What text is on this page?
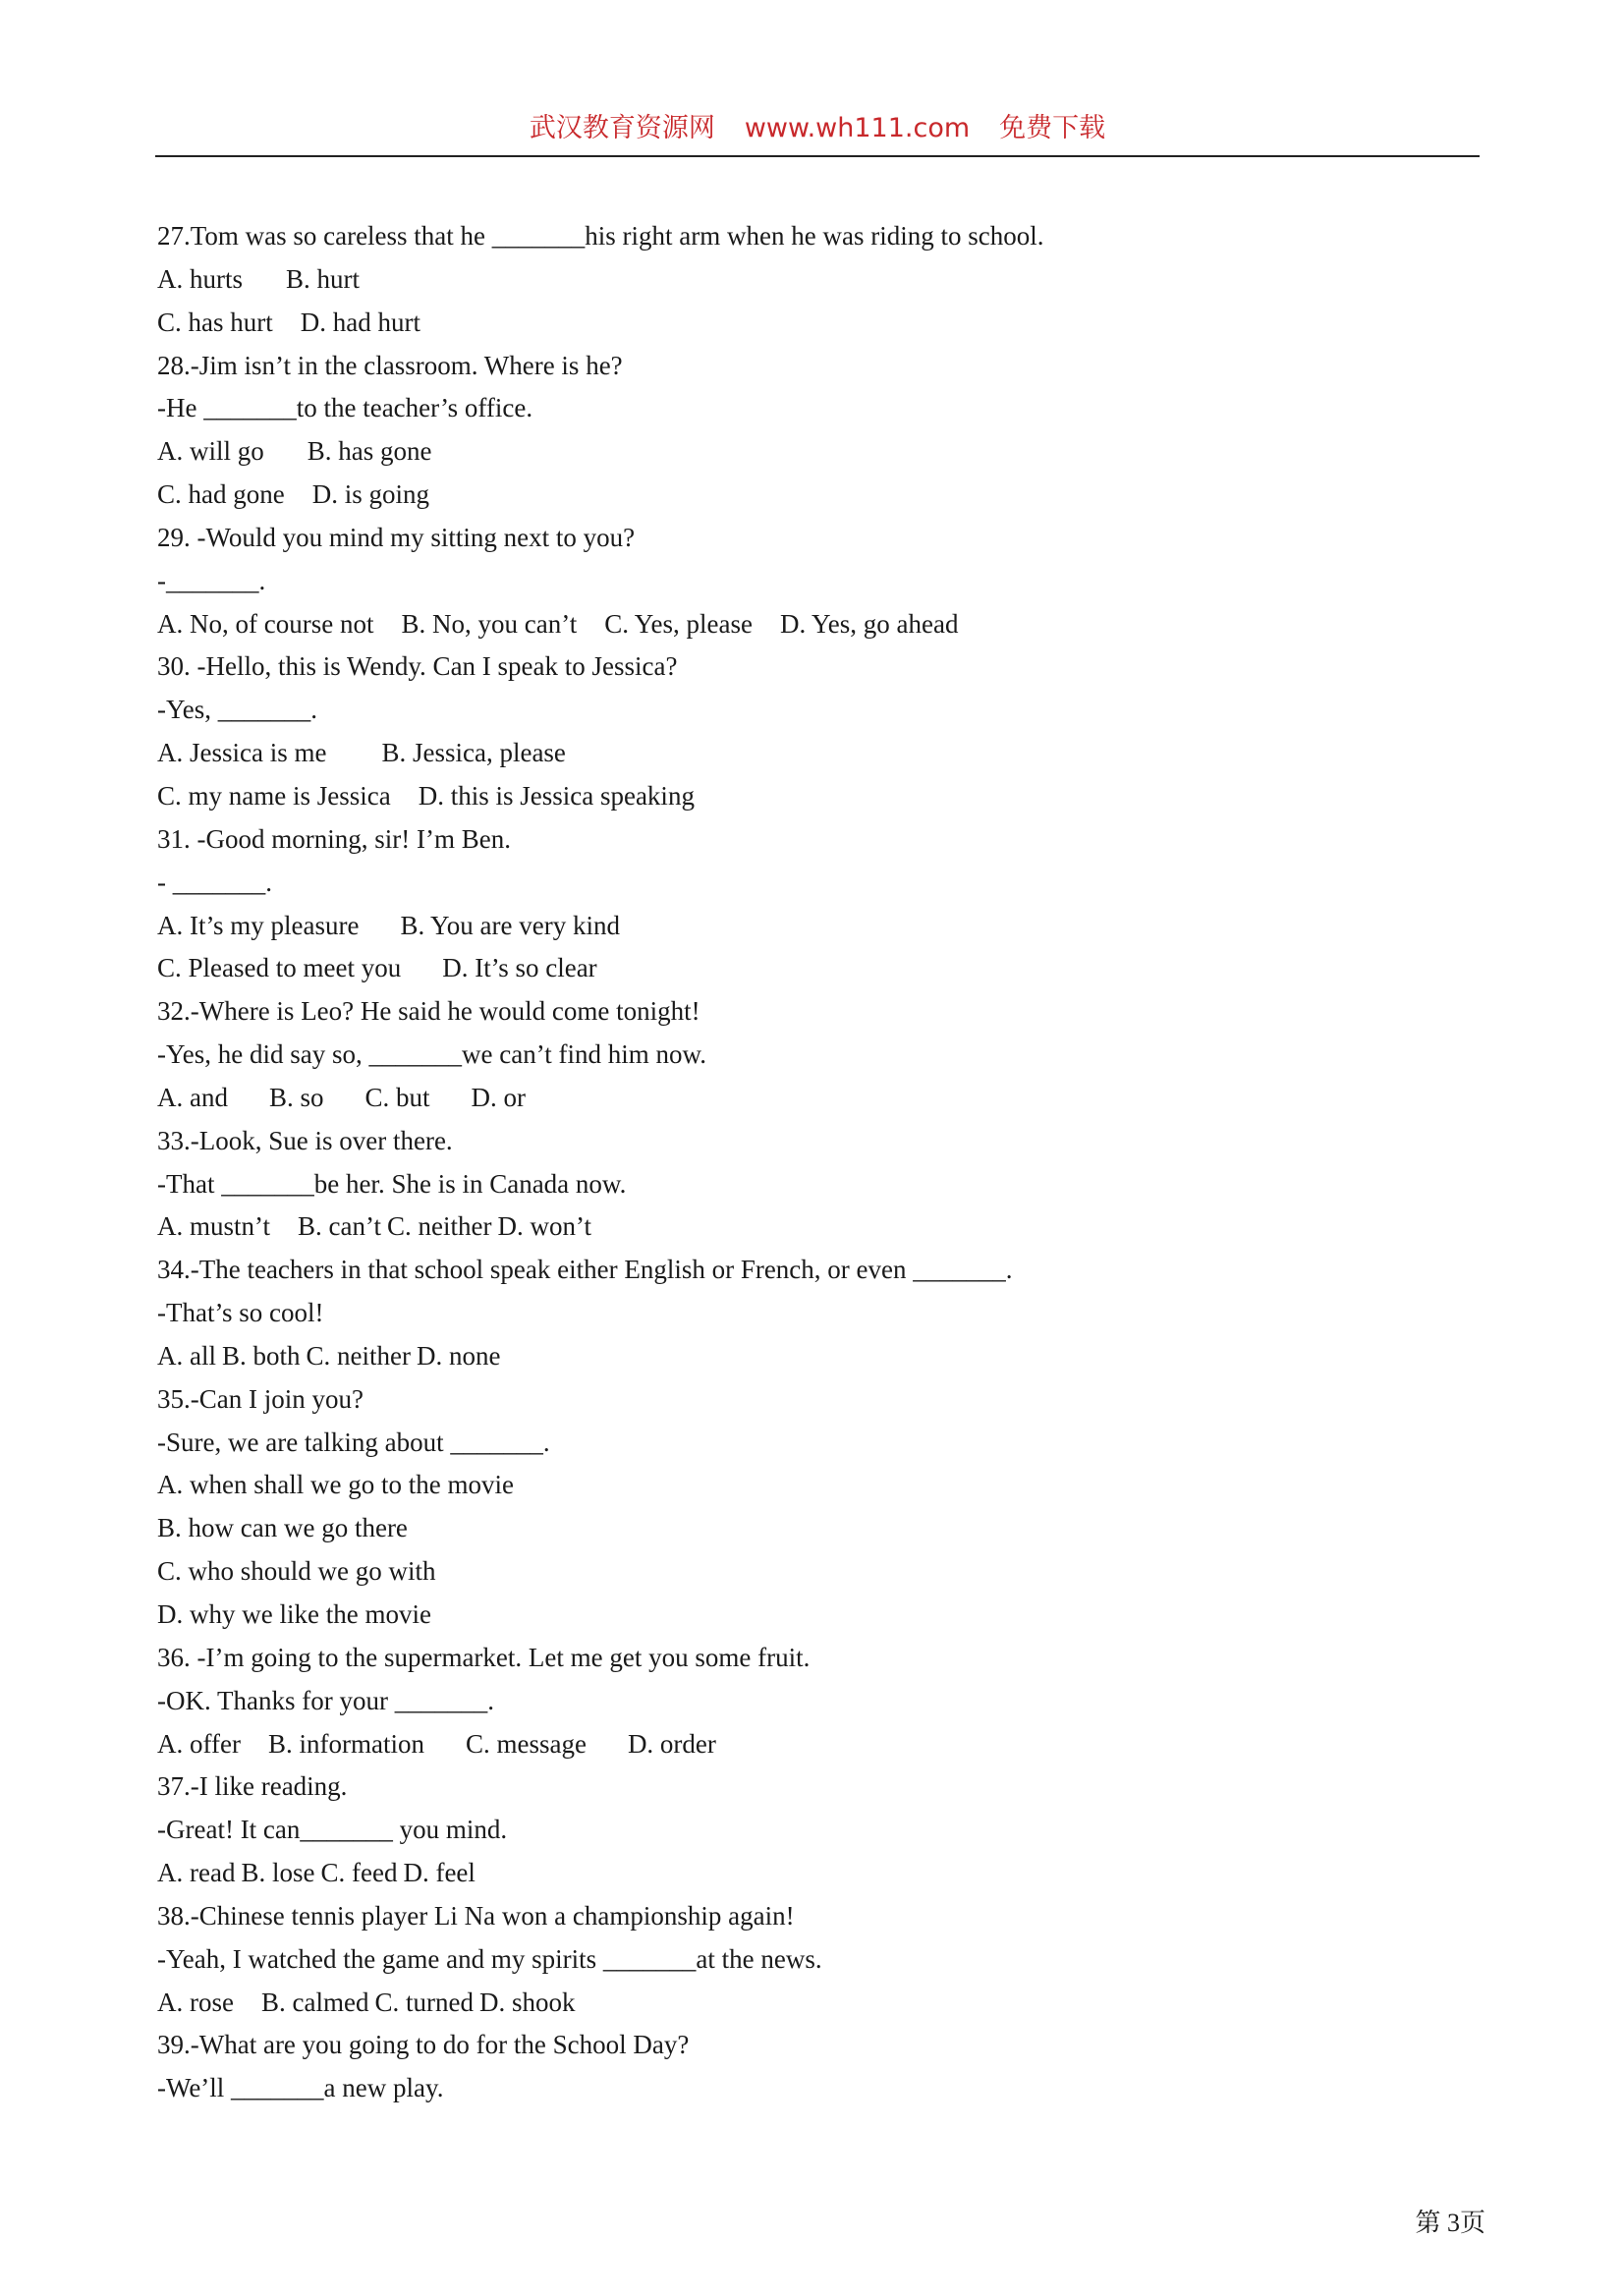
武汉教育资源网 www.wh111.com 免费下载
27.Tom was so careless that he _______his right arm when he was riding to school.
A. hurts B. hurt
C. has hurt D. had hurt
28.-Jim isn’t in the classroom. Where is he?
-He _______to the teacher’s office.
A. will go B. has gone
C. had gone D. is going
29. -Would you mind my sitting next to you?
-_______.
A. No, of course not B. No, you can’t C. Yes, please D. Yes, go ahead
30. -Hello, this is Wendy. Can I speak to Jessica?
-Yes, _______.
A. Jessica is me B. Jessica, please
C. my name is Jessica D. this is Jessica speaking
31. -Good morning, sir! I’m Ben.
- _______.
A. It’s my pleasure B. You are very kind
C. Pleased to meet you D. It’s so clear
32.-Where is Leo? He said he would come tonight!
-Yes, he did say so, _______we can’t find him now.
A. and B. so C. but D. or
33.-Look, Sue is over there.
-That _______be her. She is in Canada now.
A. mustn’t B. can’t C. neither D. won’t
34.-The teachers in that school speak either English or French, or even _______.
-That’s so cool!
A. all B. both C. neither D. none
35.-Can I join you?
-Sure, we are talking about _______.
A. when shall we go to the movie
B. how can we go there
C. who should we go with
D. why we like the movie
36. -I’m going to the supermarket. Let me get you some fruit.
-OK. Thanks for your _______.
A. offer B. information C. message D. order
37.-I like reading.
-Great! It can_______ you mind.
A. read B. lose C. feed D. feel
38.-Chinese tennis player Li Na won a championship again!
-Yeah, I watched the game and my spirits _______at the news.
A. rose B. calmed C. turned D. shook
39.-What are you going to do for the School Day?
-We’ll _______a new play.
第 3页
